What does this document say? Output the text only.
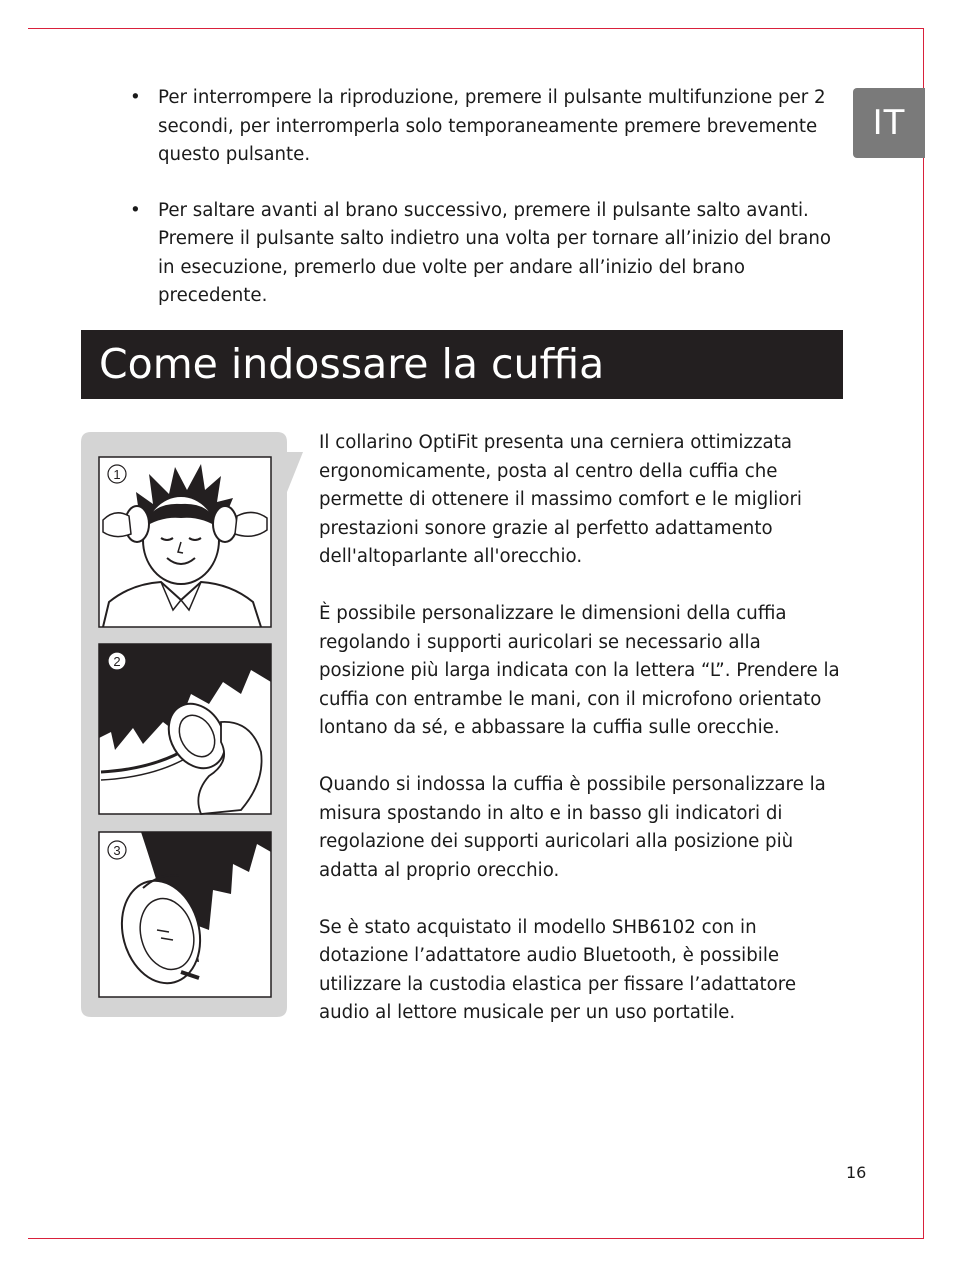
IT
• Per interrompere la riproduzione, premere il pulsante multifunzione per 2 secondi, per interromperla solo temporaneamente premere brevemente questo pulsante.
• Per saltare avanti al brano successivo, premere il pulsante salto avanti. Premere il pulsante salto indietro una volta per tornare all’inizio del brano in esecuzione, premerlo due volte per andare all’inizio del brano precedente.
Come indossare la cuffia
1
2
3

Il collarino OptiFit presenta una cerniera ottimizzata ergonomicamente, posta al centro della cuffia che permette di ottenere il massimo comfort e le migliori prestazioni sonore grazie al perfetto adattamento dell'altoparlante all'orecchio.

È possibile personalizzare le dimensioni della cuffia regolando i supporti auricolari se necessario alla posizione più larga indicata con la lettera “L”. Prendere la cuffia con entrambe le mani, con il microfono orientato lontano da sé, e abbassare la cuffia sulle orecchie.

Quando si indossa la cuffia è possibile personalizzare la misura spostando in alto e in basso gli indicatori di regolazione dei supporti auricolari alla posizione più adatta al proprio orecchio.

Se è stato acquistato il modello SHB6102 con in dotazione l’adattatore audio Bluetooth, è possibile utilizzare la custodia elastica per fissare l’adattatore audio al lettore musicale per un uso portatile.

16
